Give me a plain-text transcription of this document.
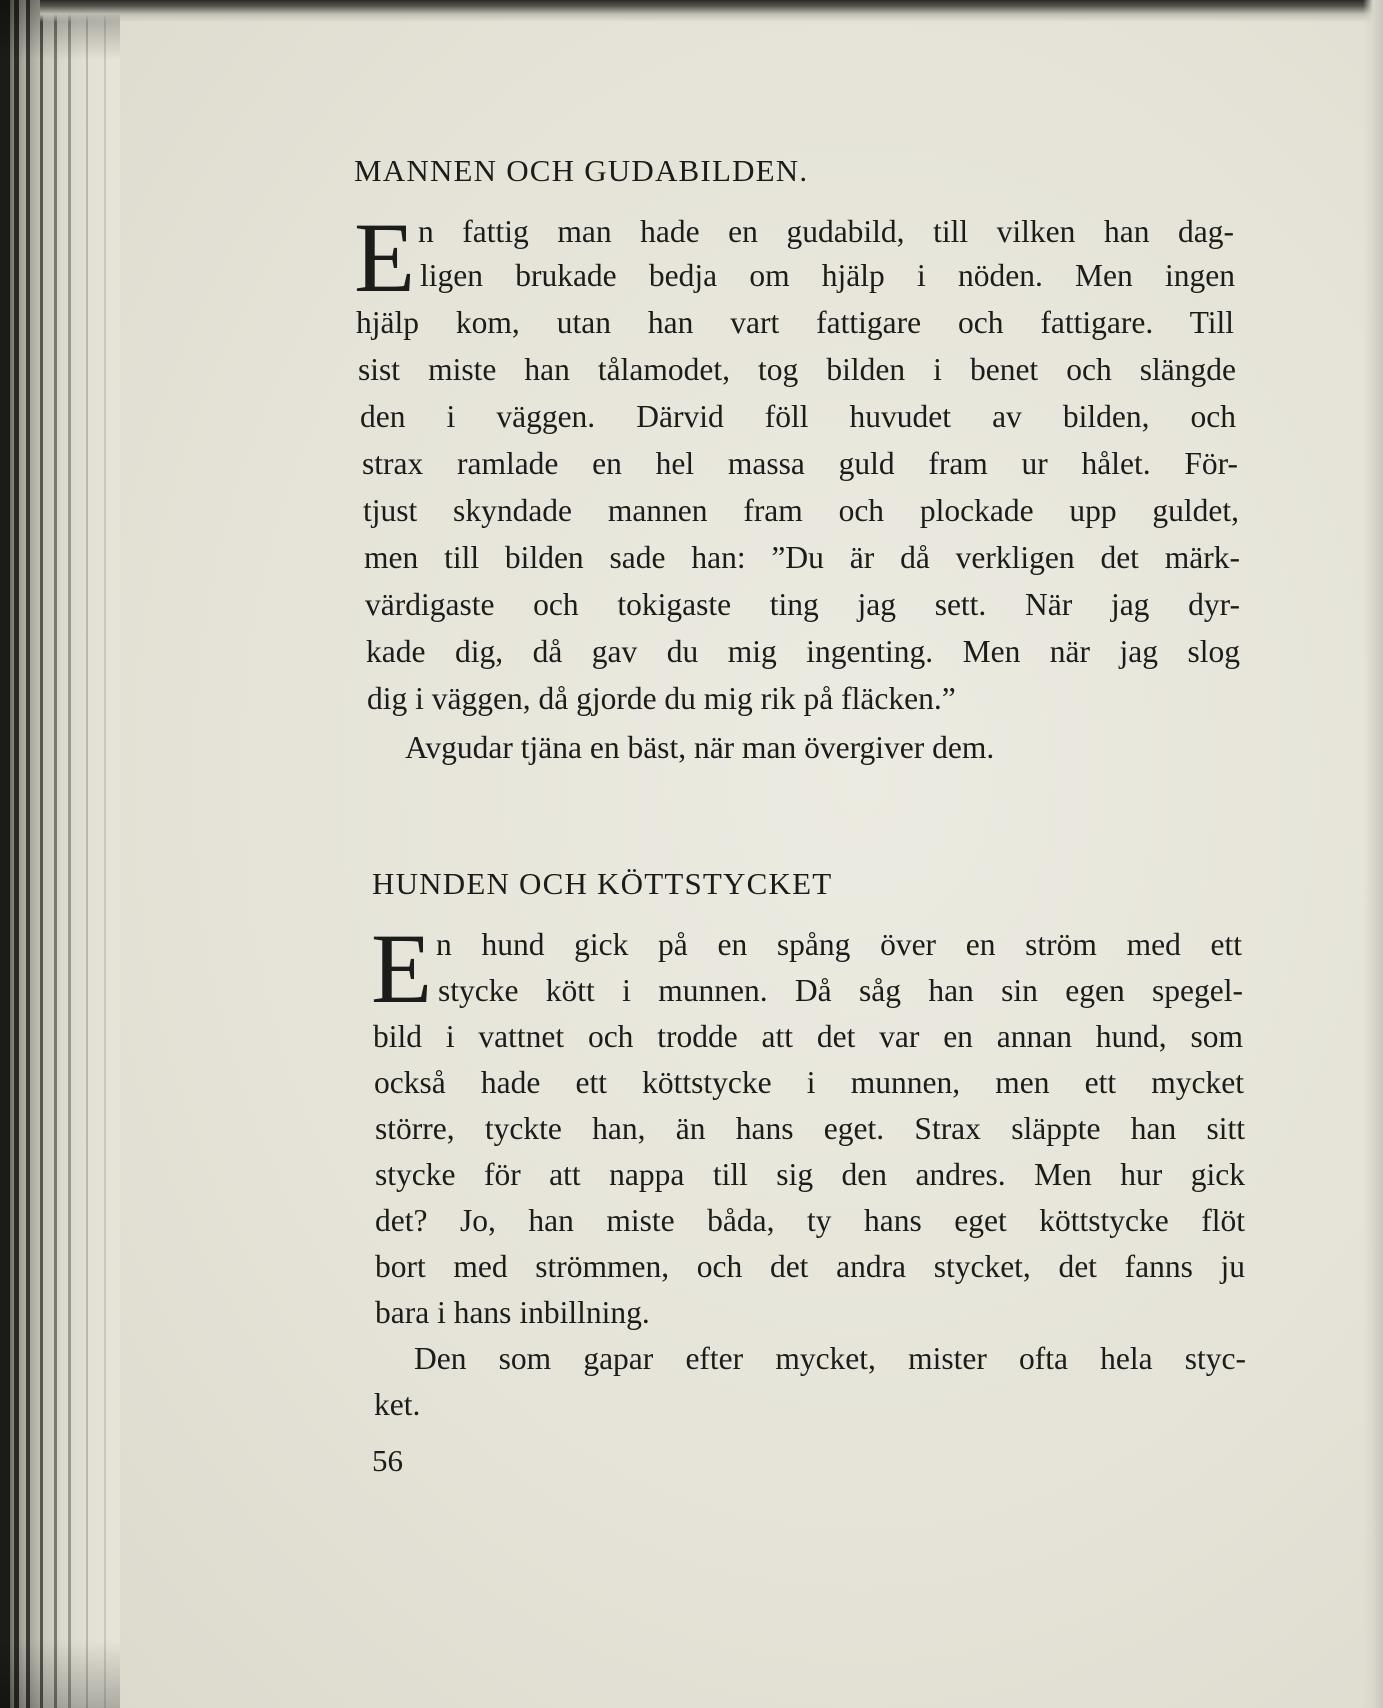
MANNEN OCH GUDABILDEN.
E n fattig man hade en gudabild, till vilken han dag-
ligen brukade bedja om hjälp i nöden. Men ingen
hjälp kom, utan han vart fattigare och fattigare. Till
sist miste han tålamodet, tog bilden i benet och slängde
den i väggen. Därvid föll huvudet av bilden, och
strax ramlade en hel massa guld fram ur hålet. För-
tjust skyndade mannen fram och plockade upp guldet,
men till bilden sade han: ”Du är då verkligen det märk-
värdigaste och tokigaste ting jag sett. När jag dyr-
kade dig, då gav du mig ingenting. Men när jag slog
dig i väggen, då gjorde du mig rik på fläcken.”
Avgudar tjäna en bäst, när man övergiver dem.
HUNDEN OCH KÖTTSTYCKET
E n hund gick på en spång över en ström med ett
stycke kött i munnen. Då såg han sin egen spegel-
bild i vattnet och trodde att det var en annan hund, som
också hade ett köttstycke i munnen, men ett mycket
större, tyckte han, än hans eget. Strax släppte han sitt
stycke för att nappa till sig den andres. Men hur gick
det? Jo, han miste båda, ty hans eget köttstycke flöt
bort med strömmen, och det andra stycket, det fanns ju
bara i hans inbillning.
Den som gapar efter mycket, mister ofta hela styc-
ket.
56
